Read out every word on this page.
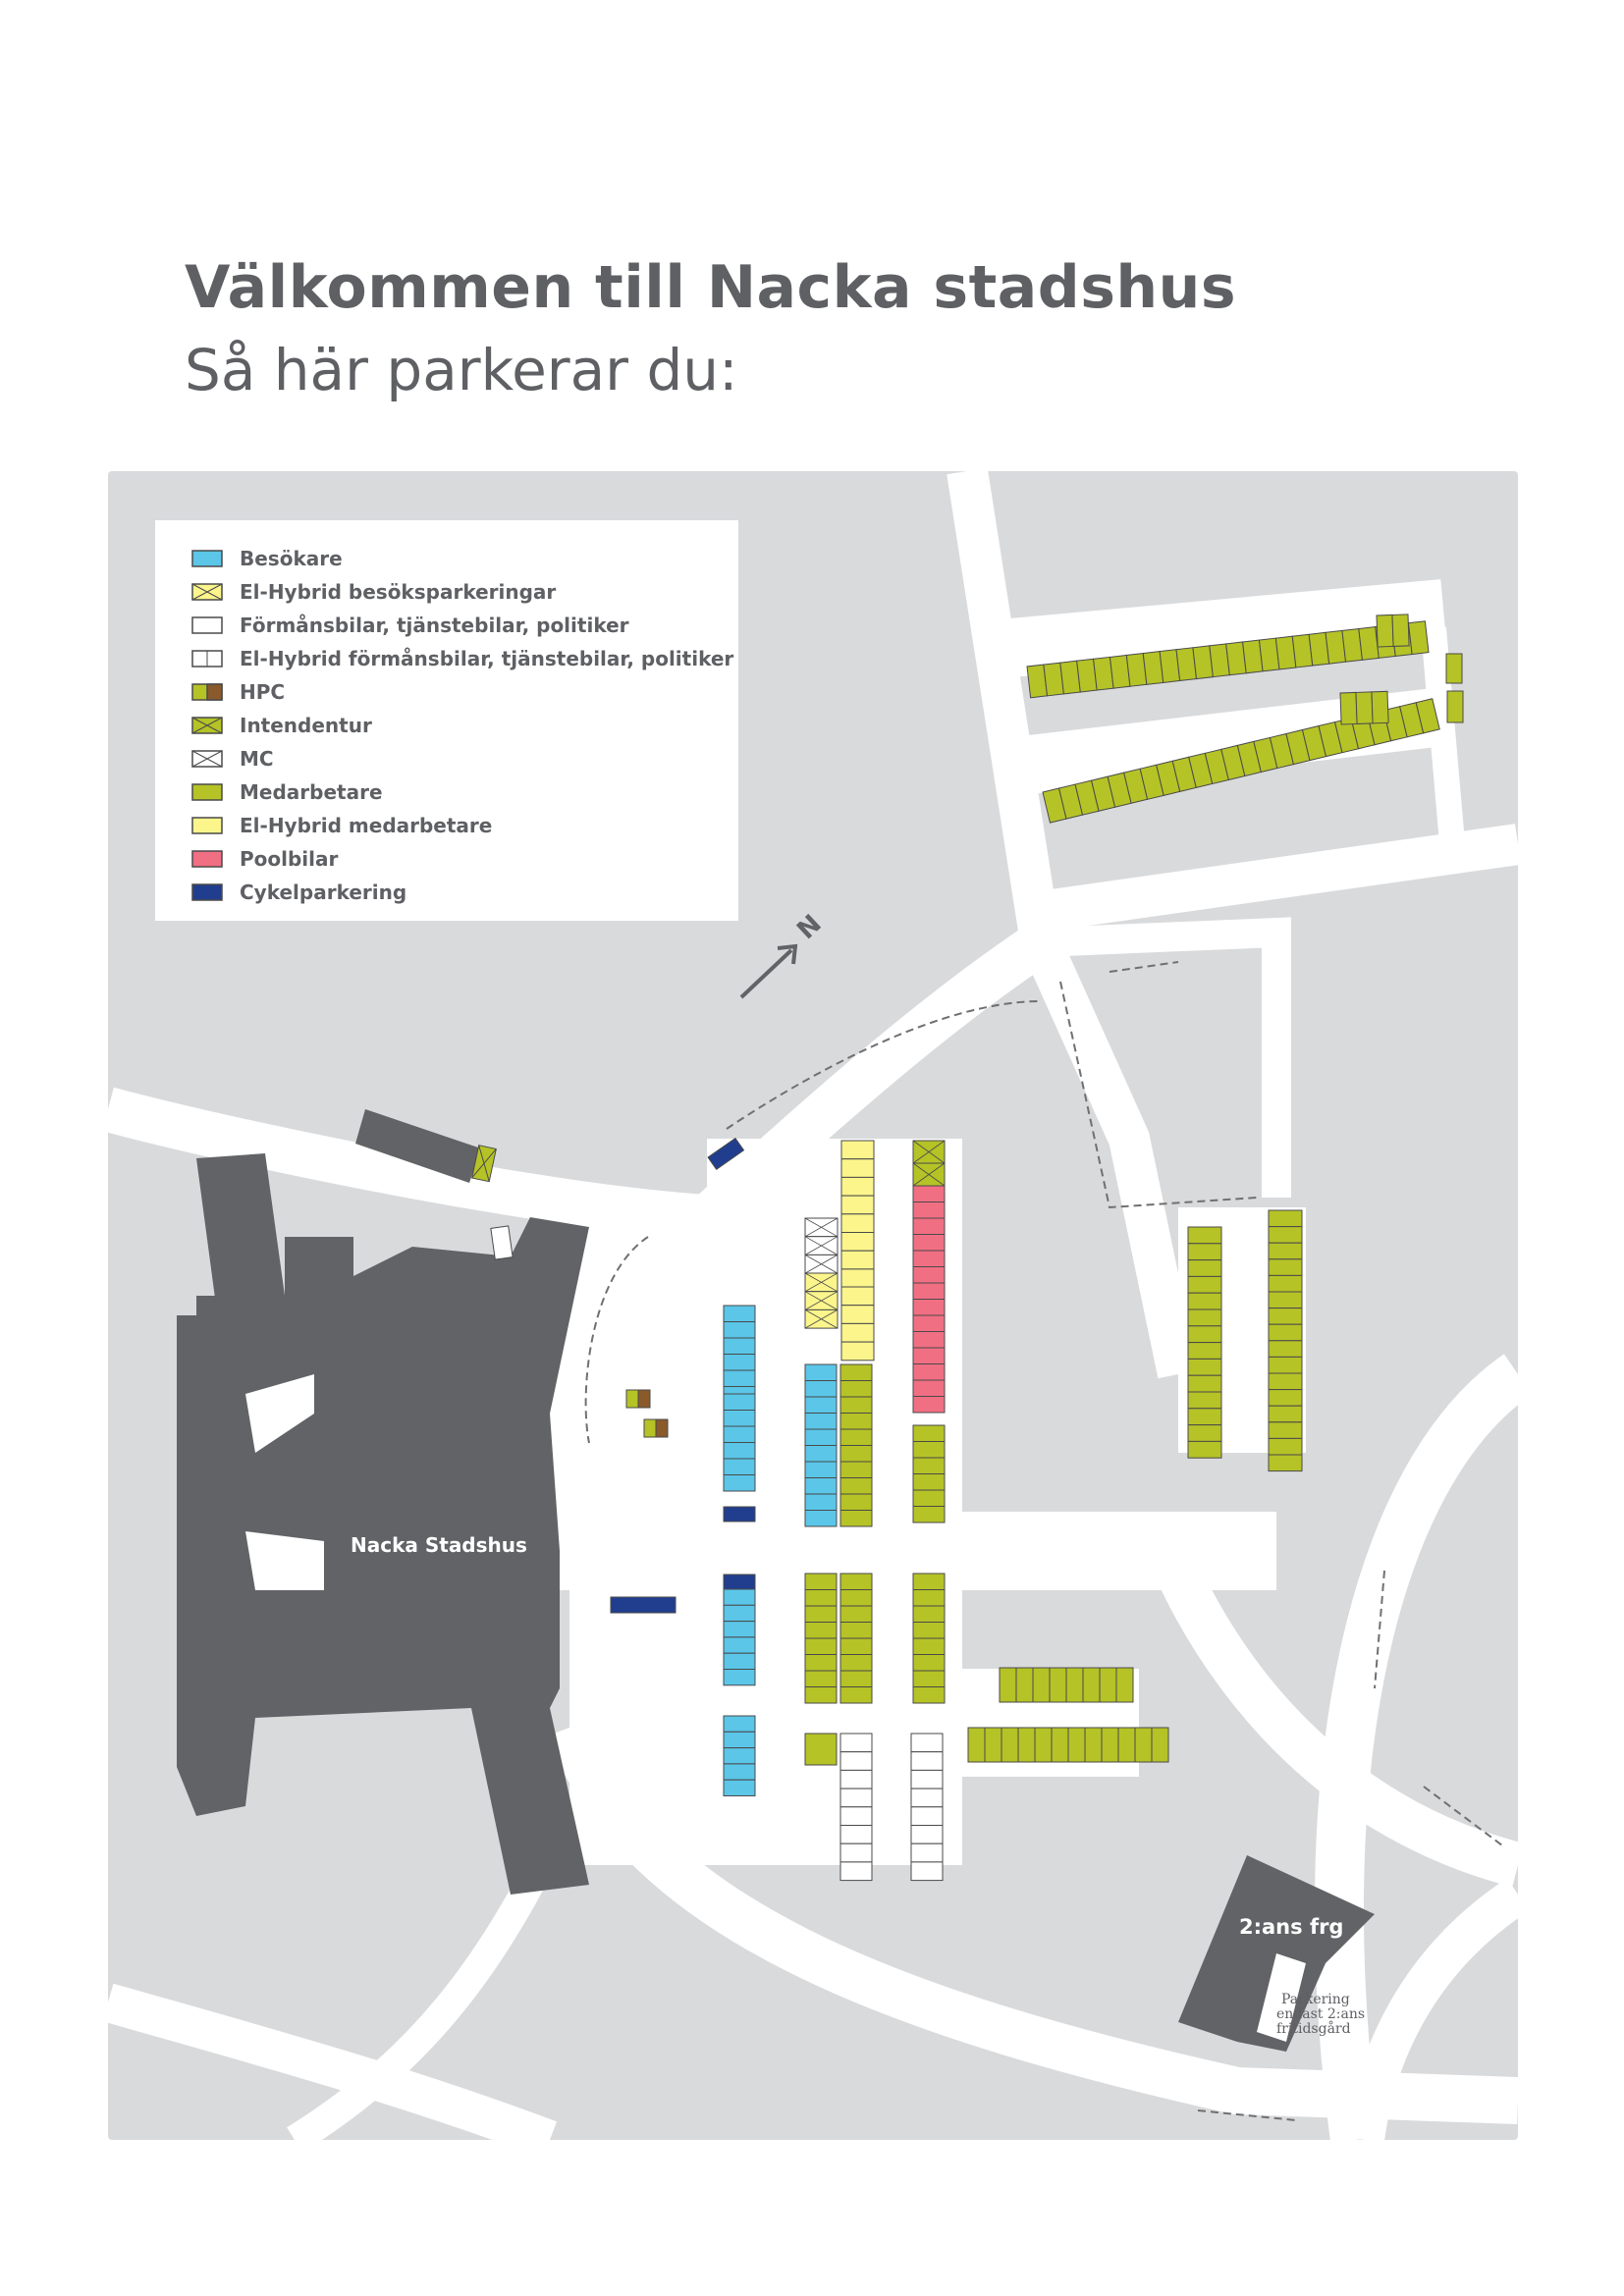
Välkommen till Nacka stadshus
Så här parkerar du:
Besökare
El-Hybrid besöksparkeringar
Förmånsbilar, tjänstebilar, politiker
El-Hybrid förmånsbilar, tjänstebilar, politiker
HPC
Intendentur
MC
Medarbetare
El-Hybrid medarbetare
Poolbilar
Cykelparkering
N
Nacka Stadshus
2:ans frg
Parkering
endast 2:ans
fritidsgård
